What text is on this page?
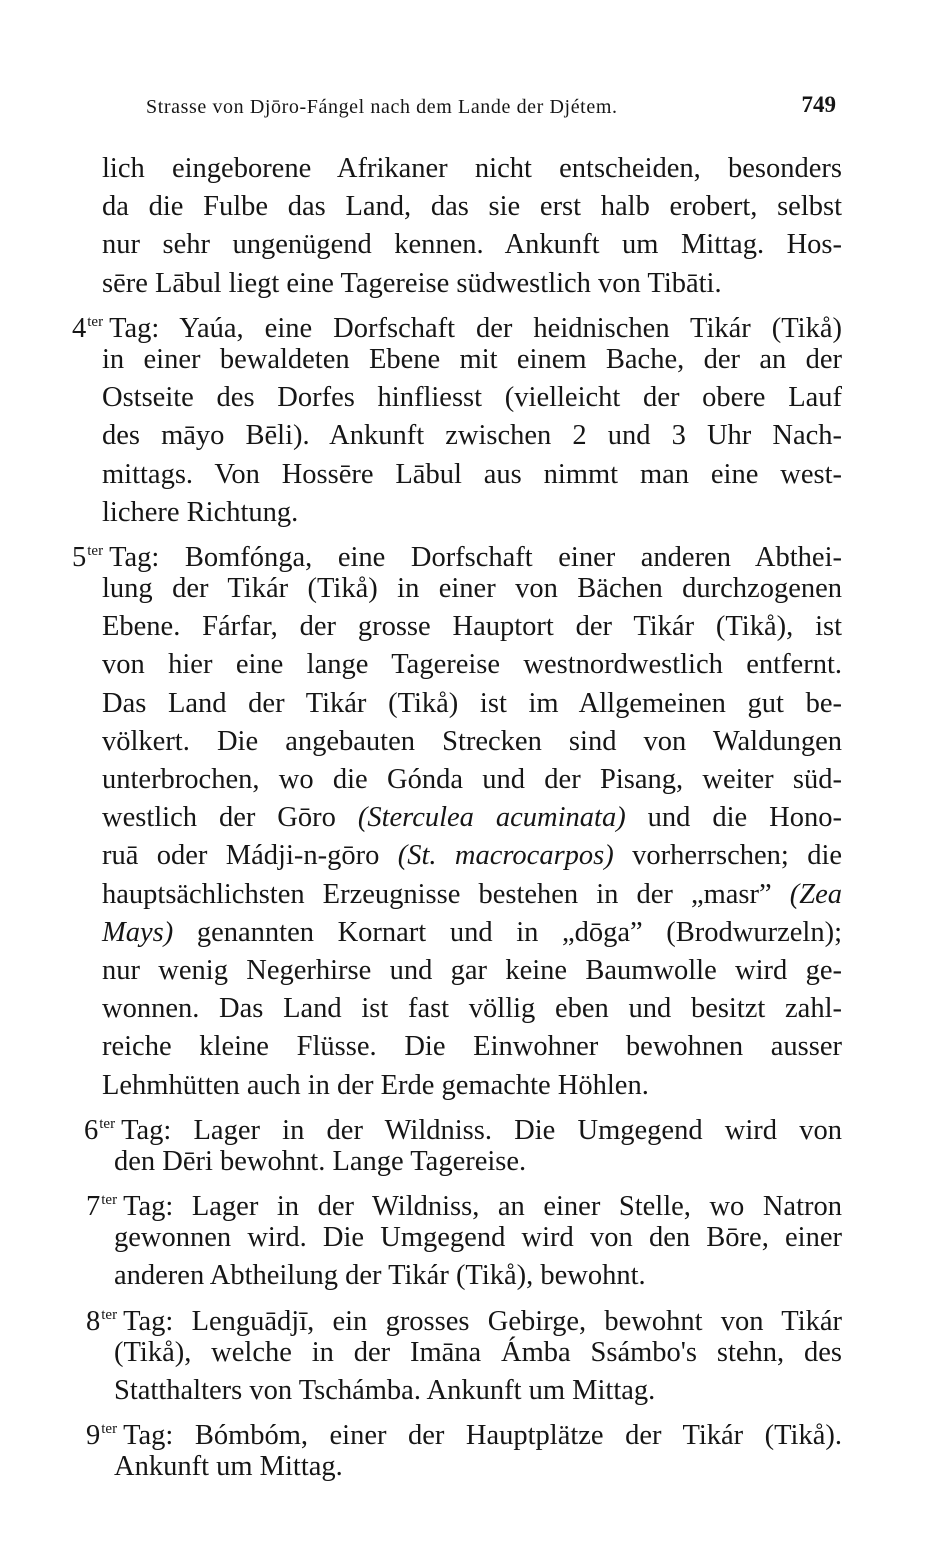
Strasse von Djōro-Fángel nach dem Lande der Djétem.	749
lich eingeborene Afrikaner nicht entscheiden, besonders
da die Fulbe das Land, das sie erst halb erobert, selbst
nur sehr ungenügend kennen. Ankunft um Mittag. Hos-
sēre Lābul liegt eine Tagereise südwestlich von Tibāti.
$4^{ter}$ Tag: Yaúa, eine Dorfschaft der heidnischen Tikár (Tikå)
in einer bewaldeten Ebene mit einem Bache, der an der
Ostseite des Dorfes hinfliesst (vielleicht der obere Lauf
des māyo Bēli). Ankunft zwischen 2 und 3 Uhr Nach-
mittags. Von Hossēre Lābul aus nimmt man eine west-
lichere Richtung.
$5^{ter}$ Tag: Bomfónga, eine Dorfschaft einer anderen Abthei-
lung der Tikár (Tikå) in einer von Bächen durchzogenen
Ebene. Fárfar, der grosse Hauptort der Tikár (Tikå), ist
von hier eine lange Tagereise westnordwestlich entfernt.
Das Land der Tikár (Tikå) ist im Allgemeinen gut be-
völkert. Die angebauten Strecken sind von Waldungen
unterbrochen, wo die Gónda und der Pisang, weiter süd-
westlich der Gōro (Sterculea acuminata) und die Hono-
ruā oder Mádji-n-gōro (St. macrocarpos) vorherrschen; die
hauptsächlichsten Erzeugnisse bestehen in der „masr” (Zea
Mays) genannten Kornart und in „dōga” (Brodwurzeln);
nur wenig Negerhirse und gar keine Baumwolle wird ge-
wonnen. Das Land ist fast völlig eben und besitzt zahl-
reiche kleine Flüsse. Die Einwohner bewohnen ausser
Lehmhütten auch in der Erde gemachte Höhlen.
$6^{ter}$ Tag: Lager in der Wildniss. Die Umgegend wird von
den Dēri bewohnt. Lange Tagereise.
$7^{ter}$ Tag: Lager in der Wildniss, an einer Stelle, wo Natron
gewonnen wird. Die Umgegend wird von den Bōre, einer
anderen Abtheilung der Tikár (Tikå), bewohnt.
$8^{ter}$ Tag: Lenguādjī, ein grosses Gebirge, bewohnt von Tikár
(Tikå), welche in der Imāna Ámba Ssámbo's stehn, des
Statthalters von Tschámba. Ankunft um Mittag.
$9^{ter}$ Tag: Bómbóm, einer der Hauptplätze der Tikár (Tikå).
Ankunft um Mittag.
